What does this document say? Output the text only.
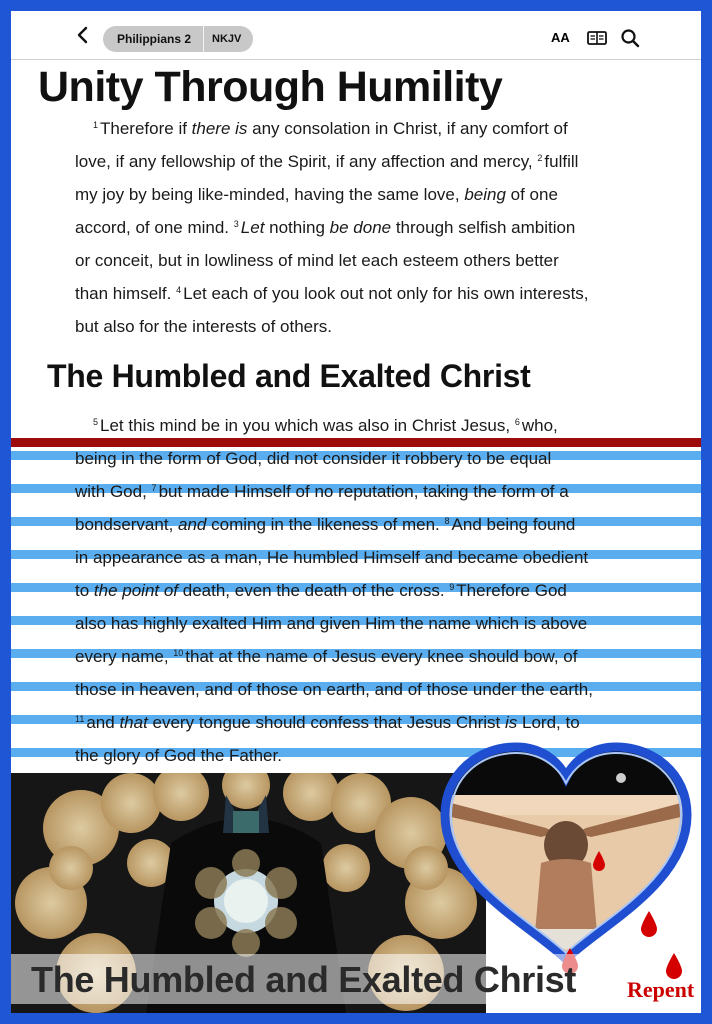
Philippians 2	NKJV	AA
Unity Through Humility
$^1$ Therefore if there is any consolation in Christ, if any comfort of
love, if any fellowship of the Spirit, if any affection and mercy, $^2$ fulfill
my joy by being like-minded, having the same love, being of one
accord, of one mind. $^3$ Let nothing be done through selfish ambition
or conceit, but in lowliness of mind let each esteem others better
than himself. $^4$ Let each of you look out not only for his own interests,
but also for the interests of others.
The Humbled and Exalted Christ
$^5$ Let this mind be in you which was also in Christ Jesus, $^6$ who,
being in the form of God, did not consider it robbery to be equal
with God, $^7$ but made Himself of no reputation, taking the form of a
bondservant, and coming in the likeness of men. $^8$ And being found
in appearance as a man, He humbled Himself and became obedient
to the point of death, even the death of the cross. $^9$ Therefore God
also has highly exalted Him and given Him the name which is above
every name, $^{10}$ that at the name of Jesus every knee should bow, of
those in heaven, and of those on earth, and of those under the earth,
$^{11}$ and that every tongue should confess that Jesus Christ is Lord, to
the glory of God the Father.
The Humbled and Exalted Christ Repent
